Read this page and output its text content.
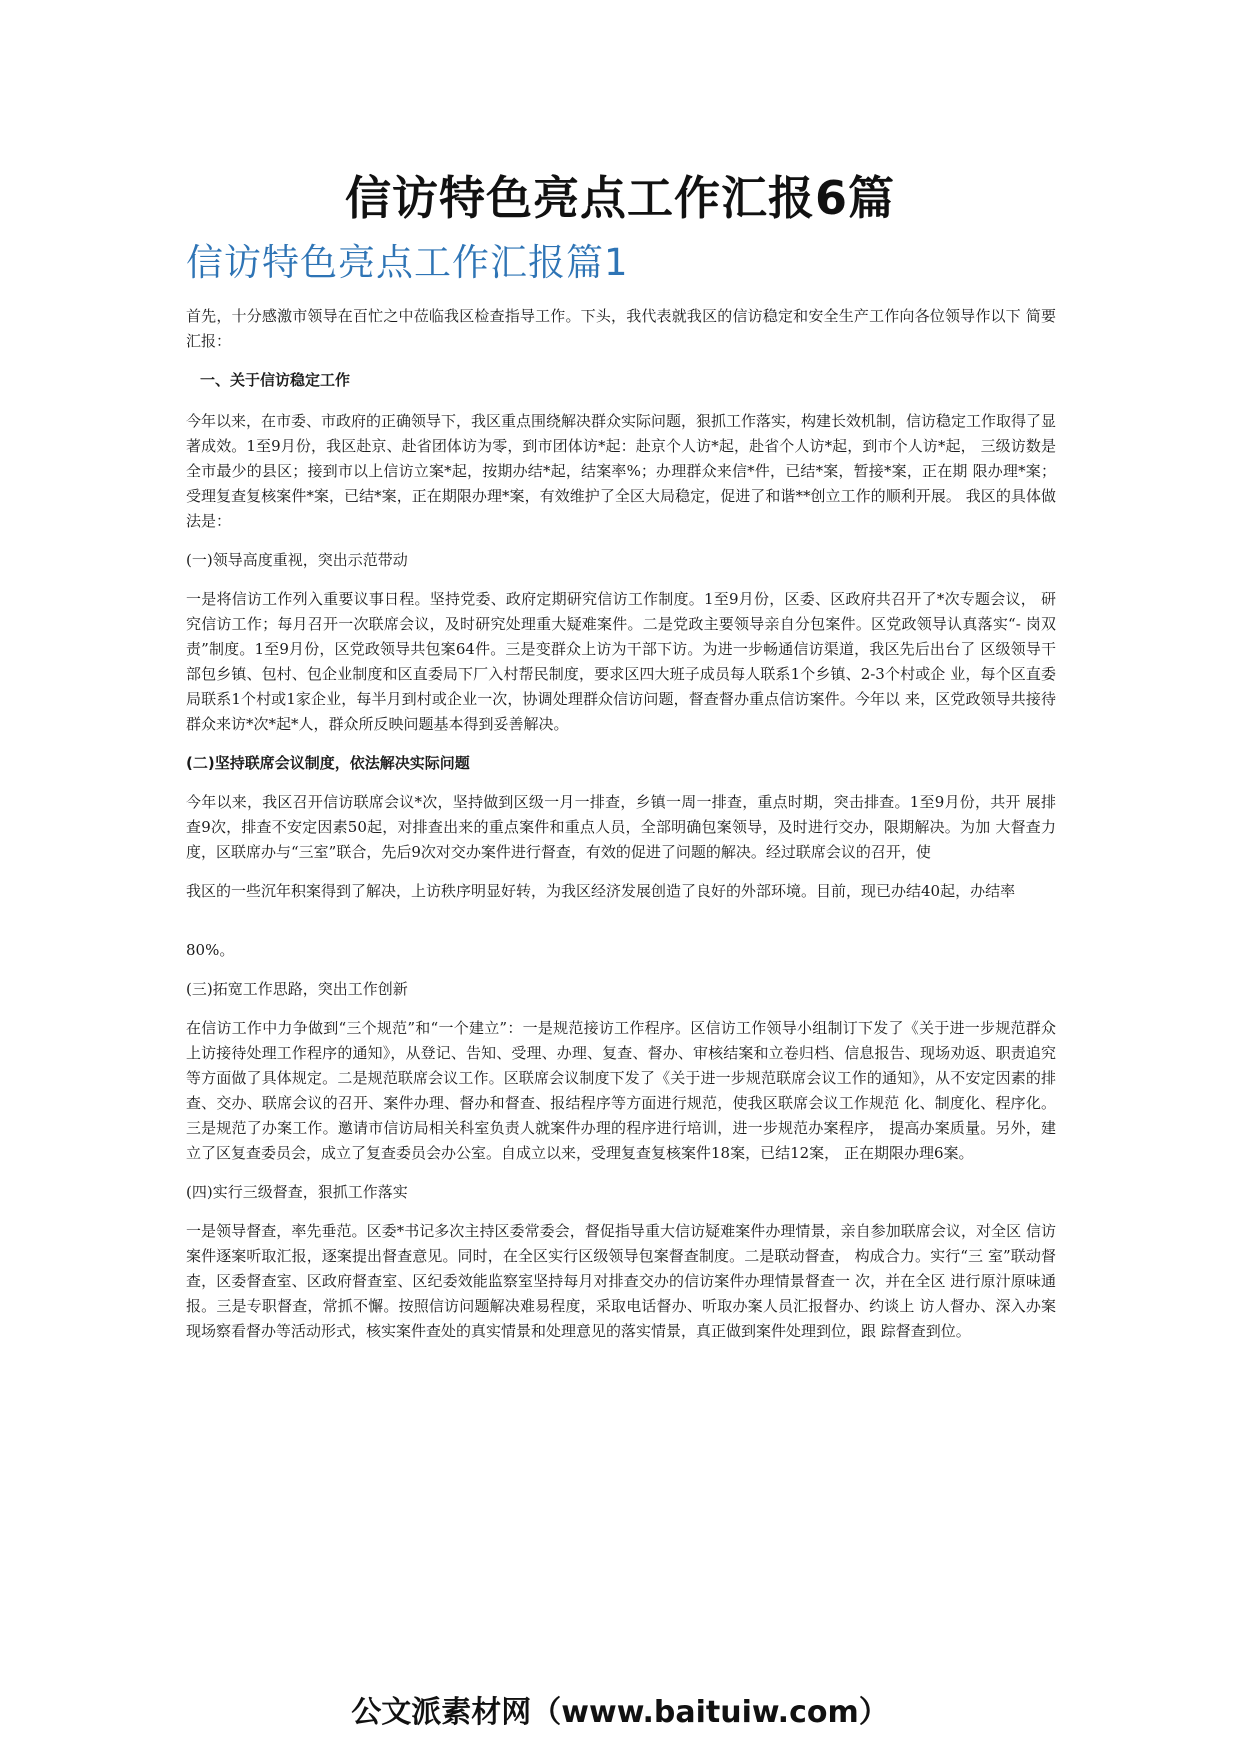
信访特色亮点工作汇报6篇
信访特色亮点工作汇报篇1

首先，十分感激市领导在百忙之中莅临我区检查指导工作。下头，我代表就我区的信访稳定和安全生产工作向各位领导作以下 简要汇报：

一、关于信访稳定工作

今年以来，在市委、市政府的正确领导下，我区重点围绕解决群众实际问题，狠抓工作落实，构建长效机制，信访稳定工作取得了显著成效。1至9月份，我区赴京、赴省团体访为零，到市团体访*起：赴京个人访*起，赴省个人访*起，到市个人访*起， 三级访数是全市最少的县区；接到市以上信访立案*起，按期办结*起，结案率%；办理群众来信*件，已结*案，暂接*案，正在期 限办理*案；受理复查复核案件*案，已结*案，正在期限办理*案，有效维护了全区大局稳定，促进了和谐**创立工作的顺利开展。 我区的具体做法是：

(一)领导高度重视，突出示范带动

一是将信访工作列入重要议事日程。坚持党委、政府定期研究信访工作制度。1至9月份，区委、区政府共召开了*次专题会议， 研究信访工作；每月召开一次联席会议，及时研究处理重大疑难案件。二是党政主要领导亲自分包案件。区党政领导认真落实“- 岗双责”制度。1至9月份，区党政领导共包案64件。三是变群众上访为干部下访。为进一步畅通信访渠道，我区先后出台了 区级领导干部包乡镇、包村、包企业制度和区直委局下厂入村帮民制度，要求区四大班子成员每人联系1个乡镇、2-3个村或企 业，每个区直委局联系1个村或1家企业，每半月到村或企业一次，协调处理群众信访问题，督查督办重点信访案件。今年以 来，区党政领导共接待群众来访*次*起*人，群众所反映问题基本得到妥善解决。

(二)坚持联席会议制度，依法解决实际问题

今年以来，我区召开信访联席会议*次，坚持做到区级一月一排查，乡镇一周一排查，重点时期，突击排查。1至9月份，共开 展排查9次，排查不安定因素50起，对排查出来的重点案件和重点人员，全部明确包案领导，及时进行交办，限期解决。为加 大督查力度，区联席办与“三室”联合，先后9次对交办案件进行督查，有效的促进了问题的解决。经过联席会议的召开，使

我区的一些沉年积案得到了解决，上访秩序明显好转，为我区经济发展创造了良好的外部环境。目前，现已办结40起，办结率

80%。

(三)拓宽工作思路，突出工作创新

在信访工作中力争做到“三个规范”和“一个建立”：一是规范接访工作程序。区信访工作领导小组制订下发了《关于进一步规范群众上访接待处理工作程序的通知》，从登记、告知、受理、办理、复查、督办、审核结案和立卷归档、信息报告、现场劝返、职责追究等方面做了具体规定。二是规范联席会议工作。区联席会议制度下发了《关于进一步规范联席会议工作的通知》，从不安定因素的排查、交办、联席会议的召开、案件办理、督办和督查、报结程序等方面进行规范，使我区联席会议工作规范 化、制度化、程序化。三是规范了办案工作。邀请市信访局相关科室负责人就案件办理的程序进行培训，进一步规范办案程序， 提高办案质量。另外，建立了区复查委员会，成立了复查委员会办公室。自成立以来，受理复查复核案件18案，已结12案， 正在期限办理6案。

(四)实行三级督查，狠抓工作落实

一是领导督查，率先垂范。区委*书记多次主持区委常委会，督促指导重大信访疑难案件办理情景，亲自参加联席会议，对全区 信访案件逐案听取汇报，逐案提出督查意见。同时，在全区实行区级领导包案督查制度。二是联动督查， 构成合力。实行“三 室”联动督查，区委督查室、区政府督查室、区纪委效能监察室坚持每月对排查交办的信访案件办理情景督查一 次，并在全区 进行原汁原味通报。三是专职督查，常抓不懈。按照信访问题解决难易程度，采取电话督办、听取办案人员汇报督办、约谈上 访人督办、深入办案现场察看督办等活动形式，核实案件查处的真实情景和处理意见的落实情景，真正做到案件处理到位，跟 踪督查到位。

公文派素材网（www.baituiw.com）
